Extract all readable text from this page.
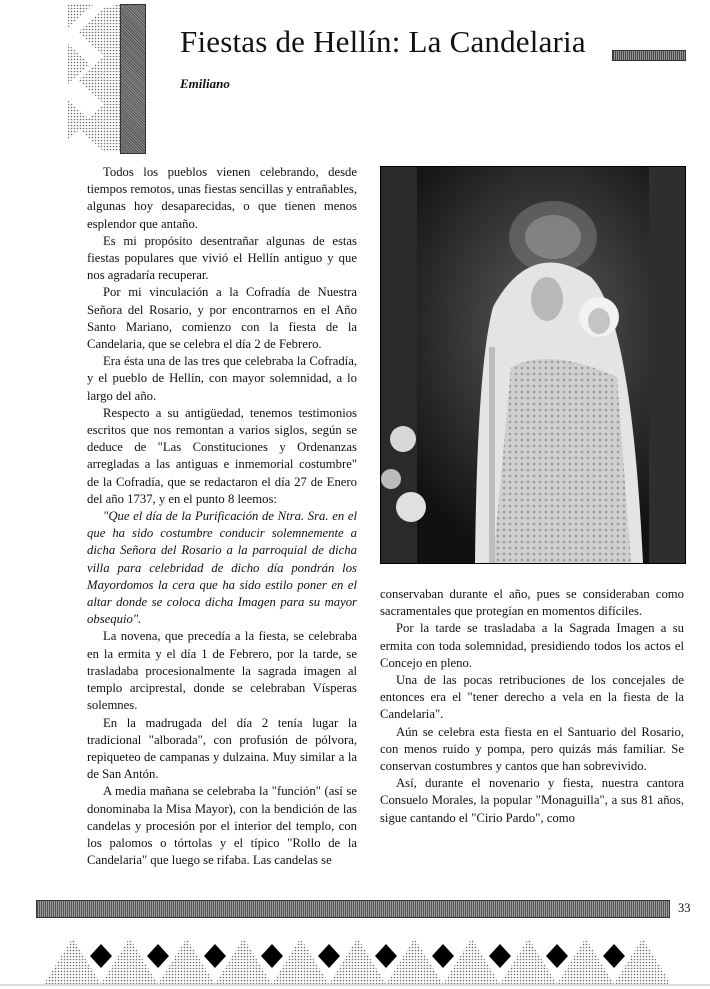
Fiestas de Hellín: La Candelaria
Emiliano

Todos los pueblos vienen celebrando, desde tiempos remotos, unas fiestas sencillas y entrañables, algunas hoy desaparecidas, o que tienen menos esplendor que antaño.

Es mi propósito desentrañar algunas de estas fiestas populares que vivió el Hellín antiguo y que nos agradaría recuperar.

Por mi vinculación a la Cofradía de Nuestra Señora del Rosario, y por encontrarnos en el Año Santo Mariano, comienzo con la fiesta de la Candelaria, que se celebra el día 2 de Febrero.

Era ésta una de las tres que celebraba la Cofradía, y el pueblo de Hellín, con mayor solemnidad, a lo largo del año.

Respecto a su antigüedad, tenemos testimonios escritos que nos remontan a varios siglos, según se deduce de "Las Constituciones y Ordenanzas arregladas a las antiguas e inmemorial costumbre" de la Cofradía, que se redactaron el día 27 de Enero del año 1737, y en el punto 8 leemos:

"Que el día de la Purificación de Ntra. Sra. en el que ha sido costumbre conducir solemnemente a dicha Señora del Rosario a la parroquial de dicha villa para celebridad de dicho día pondrán los Mayordomos la cera que ha sido estilo poner en el altar donde se coloca dicha Imagen para su mayor obsequio".

La novena, que precedía a la fiesta, se celebraba en la ermita y el día 1 de Febrero, por la tarde, se trasladaba procesionalmente la sagrada imagen al templo arciprestal, donde se celebraban Vísperas solemnes.

En la madrugada del día 2 tenía lugar la tradicional "alborada", con profusión de pólvora, repiqueteo de campanas y dulzaina. Muy similar a la de San Antón.

A media mañana se celebraba la "función" (así se donominaba la Misa Mayor), con la bendición de las candelas y procesión por el interior del templo, con los palomos o tórtolas y el típico "Rollo de la Candelaria" que luego se rifaba. Las candelas se

conservaban durante el año, pues se consideraban como sacramentales que protegían en momentos difíciles.

Por la tarde se trasladaba a la Sagrada Imagen a su ermita con toda solemnidad, presidiendo todos los actos el Concejo en pleno.

Una de las pocas retribuciones de los concejales de entonces era el "tener derecho a vela en la fiesta de la Candelaria".

Aún se celebra esta fiesta en el Santuario del Rosario, con menos ruido y pompa, pero quizás más familiar. Se conservan costumbres y cantos que han sobrevivido.

Así, durante el novenario y fiesta, nuestra cantora Consuelo Morales, la popular "Monaguilla", a sus 81 años, sigue cantando el "Cirio Pardo", como

33
